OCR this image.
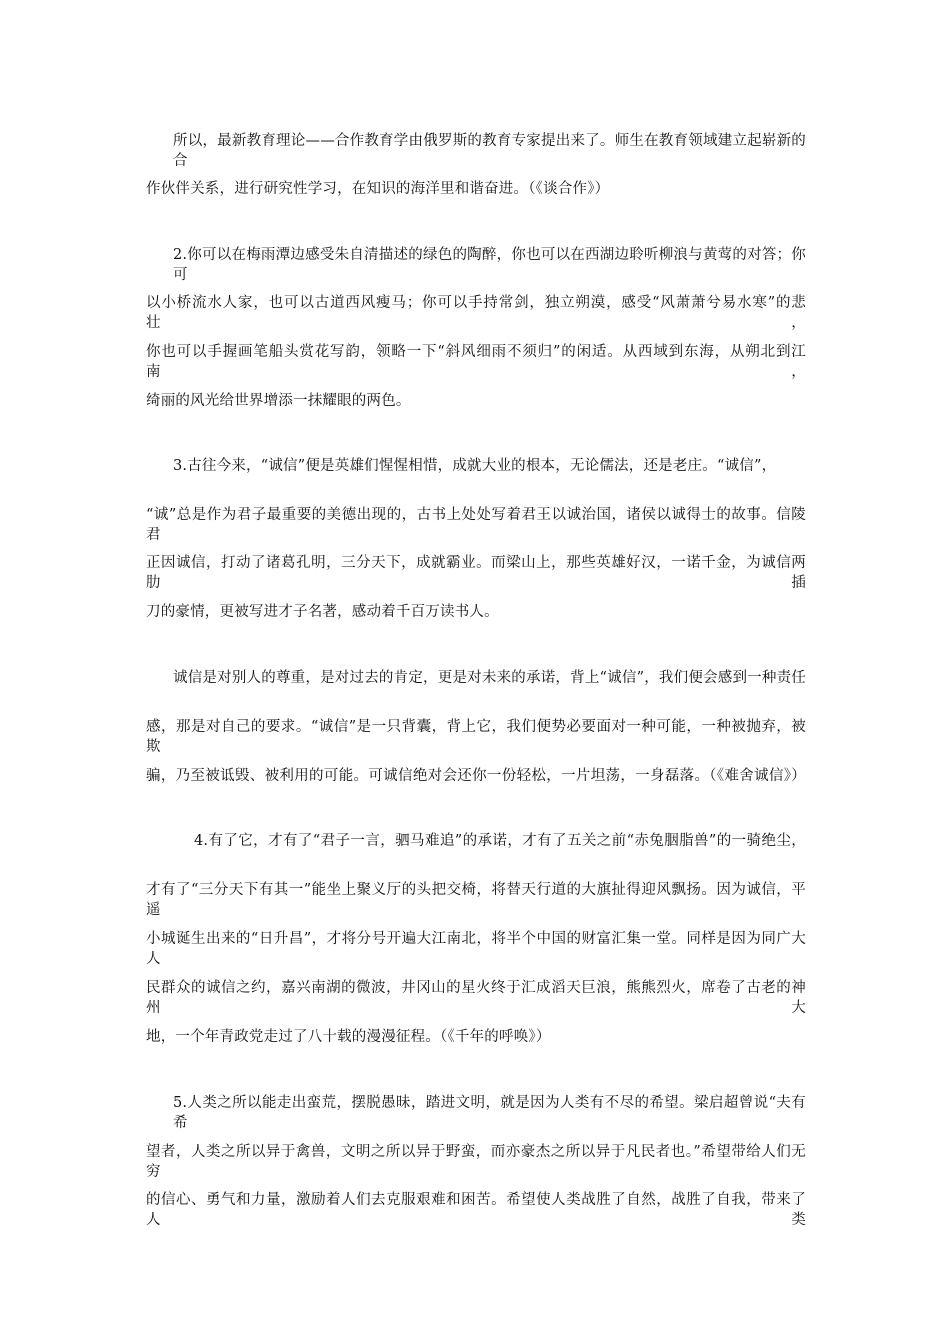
所以，最新教育理论——合作教育学由俄罗斯的教育专家提出来了。师生在教育领域建立起崭新的合
作伙伴关系，进行研究性学习，在知识的海洋里和谐奋进。（《谈合作》）
2.你可以在梅雨潭边感受朱自清描述的绿色的陶醉，你也可以在西湖边聆听柳浪与黄莺的对答；你可
以小桥流水人家，也可以古道西风瘦马；你可以手持常剑，独立朔漠，感受“风萧萧兮易水寒”的悲壮，
你也可以手握画笔船头赏花写韵，领略一下“斜风细雨不须归”的闲适。从西域到东海，从朔北到江南，
绮丽的风光给世界增添一抹耀眼的两色。
3.古往今来，“诚信”便是英雄们惺惺相惜，成就大业的根本，无论儒法，还是老庄。“诚信”，
“诚”总是作为君子最重要的美德出现的，古书上处处写着君王以诚治国，诸侯以诚得士的故事。信陵君
正因诚信，打动了诸葛孔明，三分天下，成就霸业。而梁山上，那些英雄好汉，一诺千金，为诚信两肋插
刀的豪情，更被写进才子名著，感动着千百万读书人。
诚信是对别人的尊重，是对过去的肯定，更是对未来的承诺，背上“诚信”，我们便会感到一种责任
感，那是对自己的要求。“诚信”是一只背囊，背上它，我们便势必要面对一种可能，一种被抛弃，被欺
骗，乃至被诋毁、被利用的可能。可诚信绝对会还你一份轻松，一片坦荡，一身磊落。（《难舍诚信》）
4.有了它，才有了“君子一言，驷马难追”的承诺，才有了五关之前“赤兔胭脂兽”的一骑绝尘，
才有了“三分天下有其一”能坐上聚义厅的头把交椅，将替天行道的大旗扯得迎风飘扬。因为诚信，平遥
小城诞生出来的“日升昌”，才将分号开遍大江南北，将半个中国的财富汇集一堂。同样是因为同广大人
民群众的诚信之约，嘉兴南湖的微波，井冈山的星火终于汇成滔天巨浪，熊熊烈火，席卷了古老的神州大
地，一个年青政党走过了八十载的漫漫征程。（《千年的呼唤》）
5.人类之所以能走出蛮荒，摆脱愚昧，踏进文明，就是因为人类有不尽的希望。梁启超曾说“夫有希
望者，人类之所以异于禽兽，文明之所以异于野蛮，而亦豪杰之所以异于凡民者也。”希望带给人们无穷
的信心、勇气和力量，激励着人们去克服艰难和困苦。希望使人类战胜了自然，战胜了自我，带来了人类
